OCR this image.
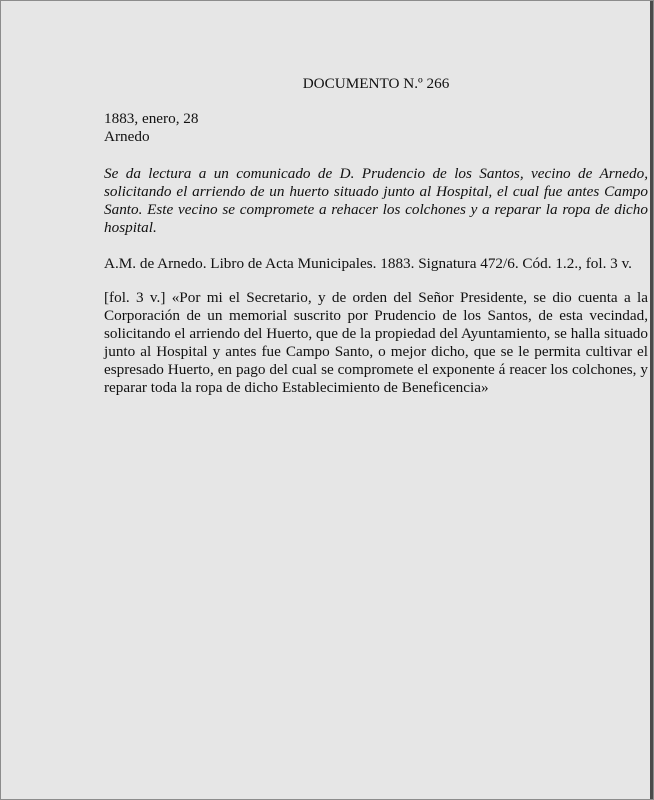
DOCUMENTO N.º 266
1883, enero, 28
Arnedo
Se da lectura a un comunicado de D. Prudencio de los Santos, vecino de Arnedo, solicitando el arriendo de un huerto situado junto al Hospital, el cual fue antes Campo Santo. Este vecino se compromete a rehacer los colchones y a reparar la ropa de dicho hospital.
A.M. de Arnedo. Libro de Acta Municipales. 1883. Signatura 472/6. Cód. 1.2., fol. 3 v.
[fol. 3 v.] «Por mi el Secretario, y de orden del Señor Presidente, se dio cuenta a la Corporación de un memorial suscrito por Prudencio de los Santos, de esta vecindad, solicitando el arriendo del Huerto, que de la propiedad del Ayuntamiento, se halla situado junto al Hospital y antes fue Campo Santo, o mejor dicho, que se le permita cultivar el espresado Huerto, en pago del cual se compromete el exponente á reacer los colchones, y reparar toda la ropa de dicho Establecimiento de Beneficencia»
